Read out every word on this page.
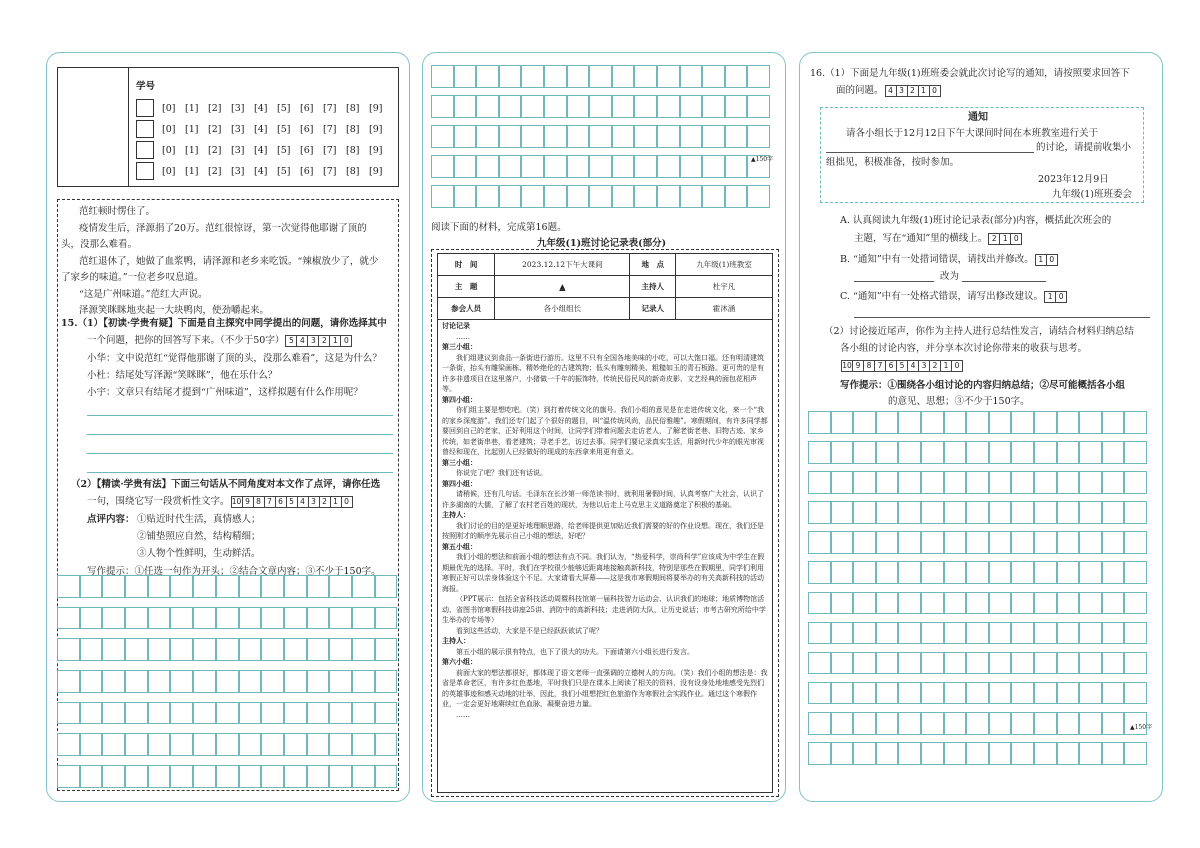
学号
[0] [1] [2] [3] [4] [5] [6] [7] [8] [9]
[0] [1] [2] [3] [4] [5] [6] [7] [8] [9]
[0] [1] [2] [3] [4] [5] [6] [7] [8] [9]
[0] [1] [2] [3] [4] [5] [6] [7] [8] [9]
范红顿时愣住了。
疫情发生后，泽源捐了20万。范红很惊讶，第一次觉得他耶谢了顶的
头，没那么难看。
范红退休了，她做了血浆鸭，请泽源和老乡来吃饭。“辣椒放少了，就少
了家乡的味道。”一位老乡叹息道。
“这是广州味道。”范红大声说。
泽源笑眯眯地夹起一大块鸭肉，使劲嚼起来。
15.（1）【初读·学贵有疑】下面是自主探究中同学提出的问题，请你选择其中
一个问题，把你的回答写下来。（不少于50字） 5 4 3 2 1 0
小华：文中说范红“觉得他那谢了顶的头，没那么难看”，这是为什么？
小杜：结尾处写泽源“笑眯眯”，他在乐什么？
小宇：文章只有结尾才提到“广州味道”，这样拟题有什么作用呢？
（2）【精读·学贵有法】下面三句话从不同角度对本文作了点评，请你任选
一句，围绕它写一段赏析性文字。 10 9 8 7 6 5 4 3 2 1 0
点评内容： ①贴近时代生活，真情感人；
②铺垫照应自然，结构精细；
③人物个性鲜明，生动鲜活。
写作提示：①任选一句作为开头；②结合文章内容；③不少于150字。
▲150字
阅读下面的材料，完成第16题。
九年级(1)班讨论记录表(部分)
时　间	2023.12.12下午大课间	地　点	九年级(1)班教室
主　题	▲	主持人	杜宇凡
参会人员	各小组组长	记录人	霍沐涵
讨论记录
……
第三小组：
我们组建议到食品一条街进行游历。这里不只有全国各地美味的小吃，可以大饱口福。还有明清建筑一条街，抬头有雕梁画栋、精妙绝伦的古建筑物；低头有雕刻精美、粗糙如玉的青石板路。更可贵的是有许多非遗项目在这里落户，小猪做一千年的振饰特，传统民俗民风的新奇皮影、文艺经典的面包花相声等。
第四小组：
你们组主要是想吃吧。（笑）到打着传统文化的旗号。我们小组的意见是在走进传统文化，来一个“我的家乡深度游”。我们还专门起了个很好的题目，叫“温传统风尚，品民俗雅趣”。寒假期间，有许多同学都要回到自己的老家，正好利用这个时间，让同学们带着问题去走访老人，了解老街老巷、旧物古迹、家乡传统，如老街串巷，看老建筑；寻老手艺，访过去事。同学们要记录真实生活，用新时代少年的眼光审视曾经和现在，比起别人已经做好的现成的东西拿来用更有意义。
第三小组：
你说完了吧？我们还有话说。
第四小组：
请稍候，还有几句话。毛泽东在长沙第一师范读书时，就利用暑假时间，认真考察广大社会，认识了许多湖南的大儒，了解了农村老百姓的现状，为他以后走上马克思主义道路奠定了积极的基础。
主持人：
我们讨论的目的是更好地理顺思路，给老师提供更加贴近我们需要的好的作业设想。现在，我们还是按照刚才的顺序先展示自己小组的想法，好吧？
第五小组：
我们小组的想法和前面小组的想法有点不同。我们认为，“热爱科学，崇尚科学”应该成为中学生在假期最优先的选择。平时，我们在学校很少能够近距离地接触高新科技，特别是那些在假期里，同学们利用寒假正好可以亲身体验这个不足。大家请看大屏幕——这是我市寒假期间将要举办的有关高新科技的活动海报。
（PPT展示：包括全省科技活动周暨科技馆第一届科技智力运动会、认识我们的地球；地质博物馆活动、省图书馆寒假科技讲座25讲、消防中的高新科技；走进消防大队，让历史说话；市考古研究所给中学生举办的专场等）
看到这些活动，大家是不是已经跃跃欲试了呢？
主持人：
第五小组的展示很有特点，也下了很大的功夫。下面请第六小组长进行发言。
第六小组：
前面大家的想法都很好，都体现了语文老师一直强调的立德树人的方向。（笑）我们小组的想法是：我省是革命老区，有许多红色基地，平时我们只是在课本上阅读了相关的资料，没有设身处地地感受先烈们的英雄事迹和感天动地的壮举，因此，我们小组想把红色旅游作为寒假社会实践作业。通过这个寒假作业，一定会更好地赓续红色血脉，凝聚奋进力量。
……
16.（1）下面是九年级(1)班班委会就此次讨论写的通知，请按照要求回答下
面的问题。 4 3 2 1 0
通知
请各小组长于12月12日下午大课间时间在本班教室进行关于
的讨论，请提前收集小
组拙见，积极准备，按时参加。
2023年12月9日
九年级(1)班班委会
A. 认真阅读九年级(1)班讨论记录表(部分)内容，概括此次班会的
主题，写在“通知”里的横线上。 2 1 0
B. “通知”中有一处措词错误，请找出并修改。 1 0
改为
C. “通知”中有一处格式错误，请写出修改建议。 1 0
（2）讨论接近尾声，你作为主持人进行总结性发言，请结合材料归纳总结
各小组的讨论内容，并分享本次讨论你带来的收获与思考。
10 9 8 7 6 5 4 3 2 1 0
写作提示：①围绕各小组讨论的内容归纳总结；②尽可能概括各小组
的意见、思想；③不少于150字。
▲150字
